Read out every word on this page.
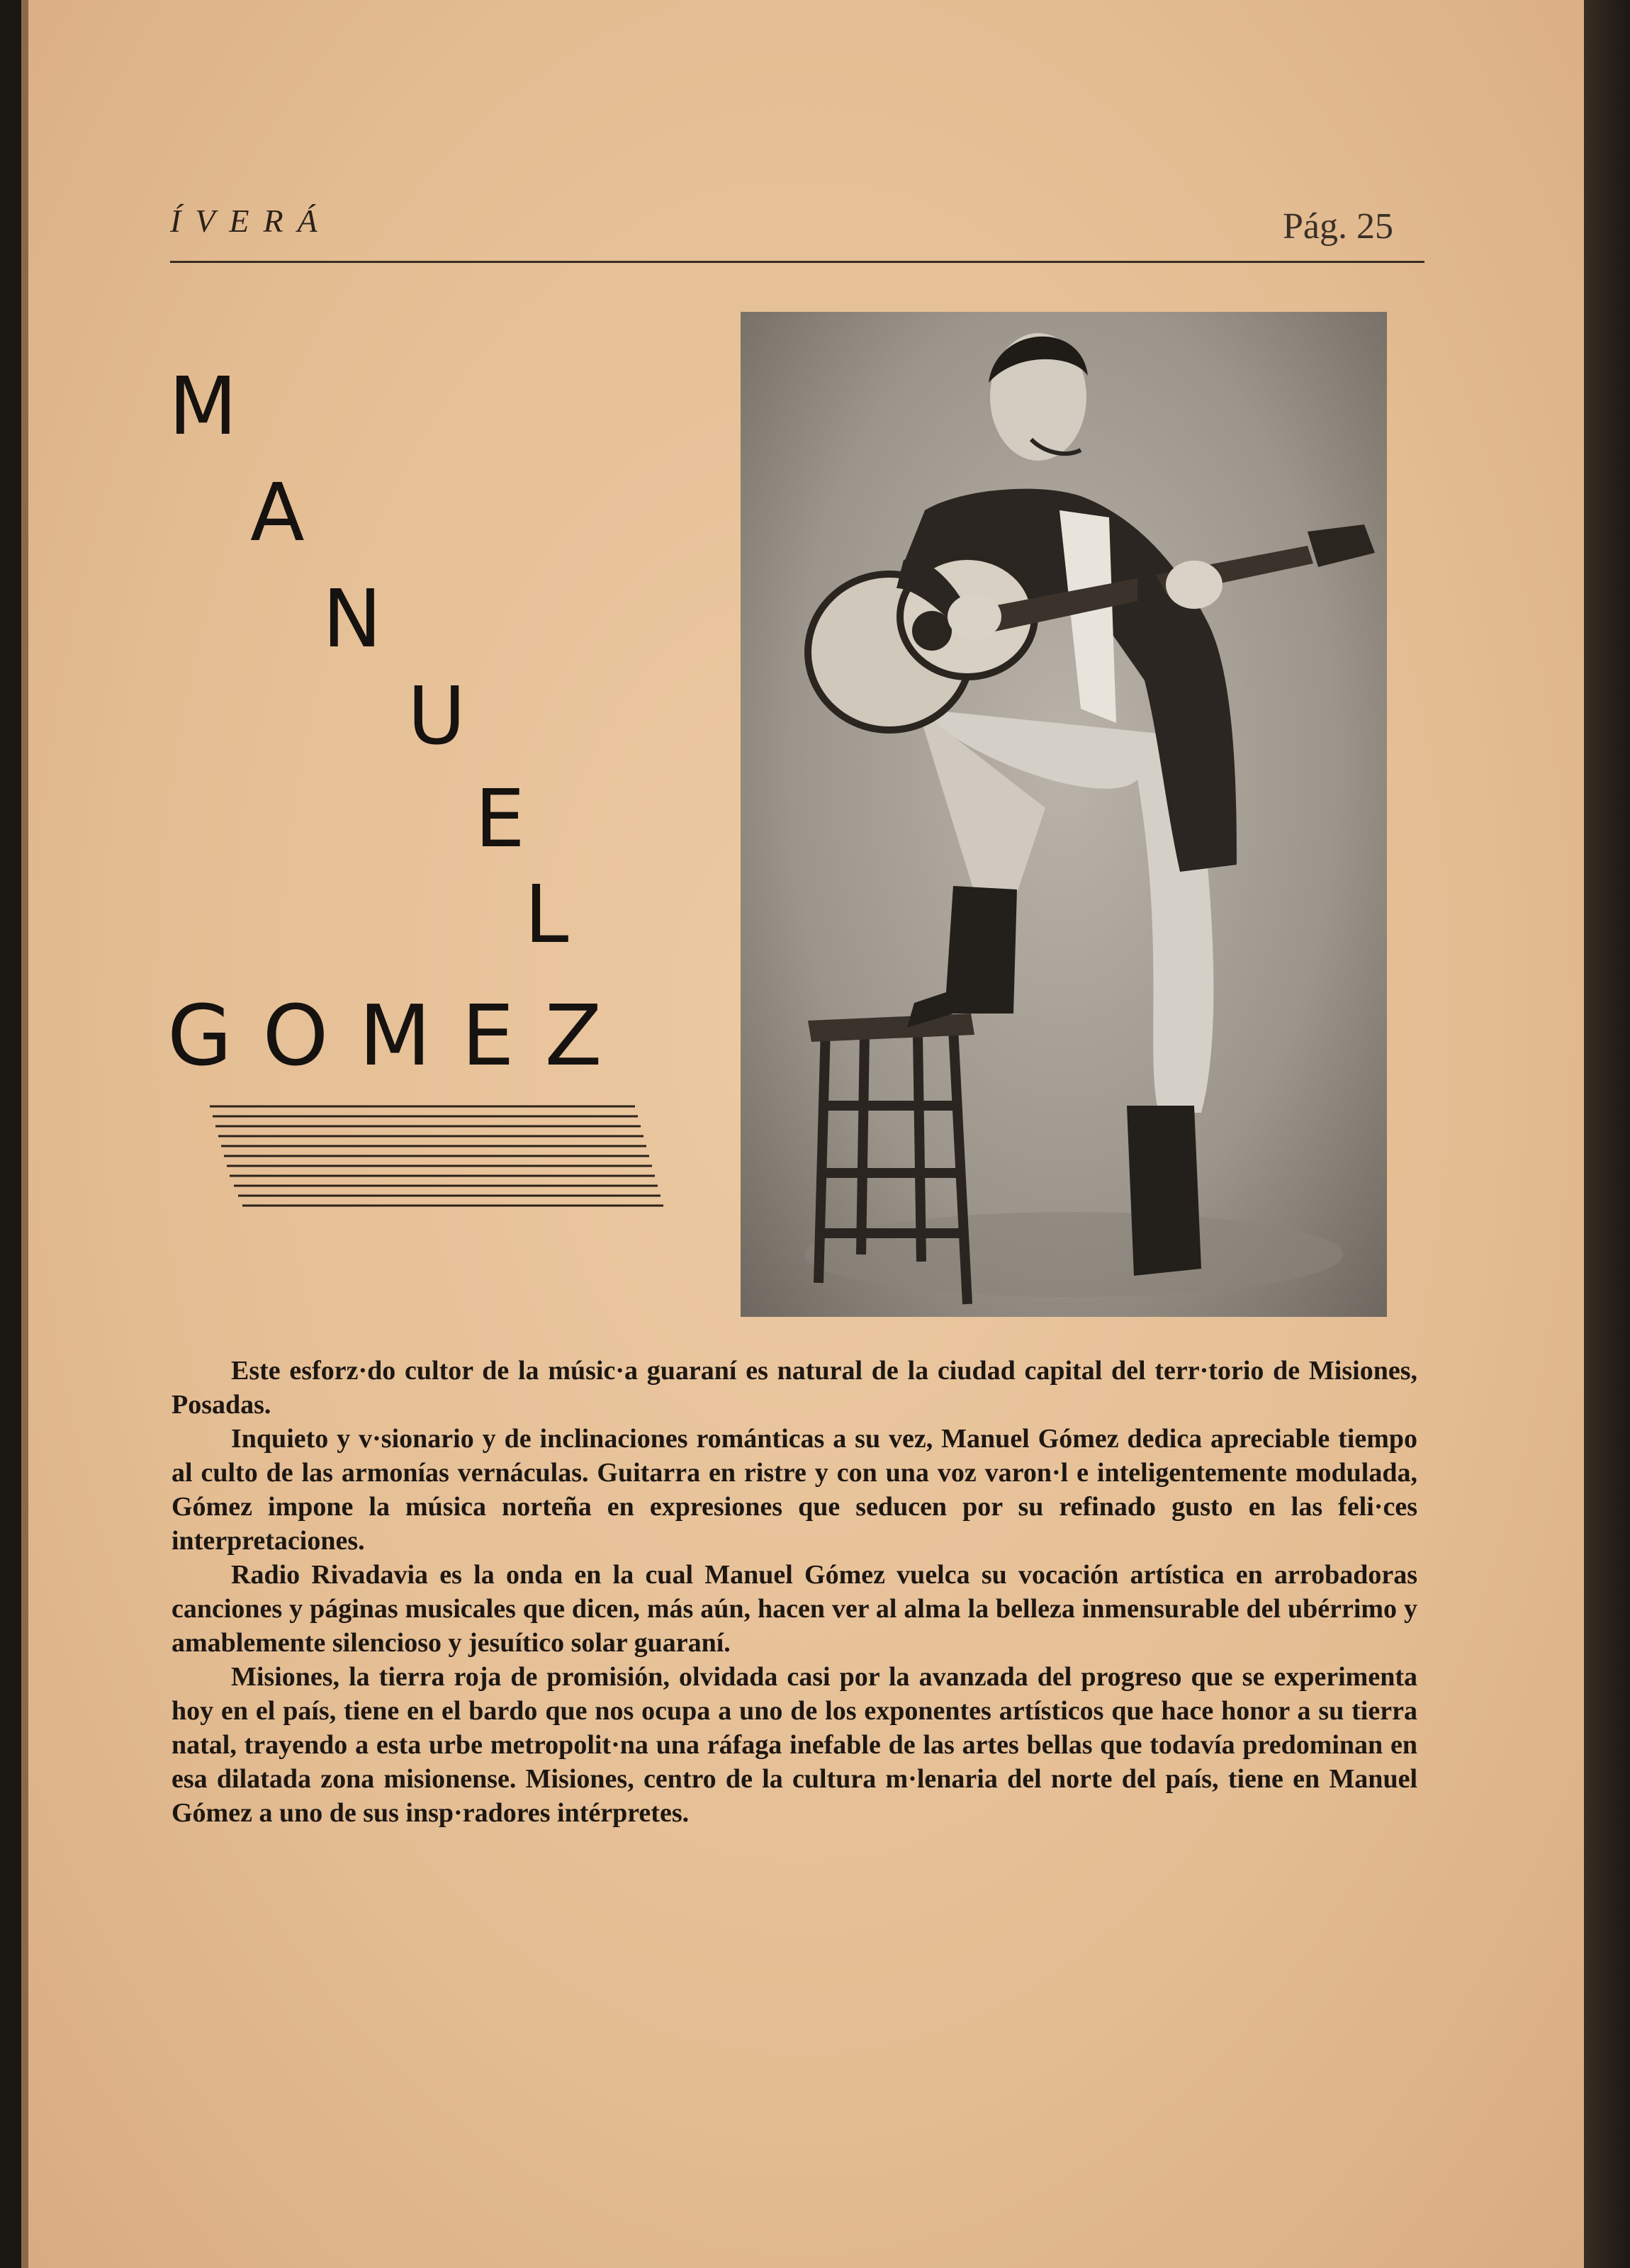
ÍVERÁ	Pág. 25
M
A
N
U
E
L
GOMEZ

Este esforz·do cultor de la músic·a guaraní es natural de la ciudad capital del terr·torio de Misiones, Posadas.

Inquieto y v·sionario y de inclinaciones románticas a su vez, Manuel Gómez dedica apreciable tiempo al culto de las armonías vernáculas. Guitarra en ristre y con una voz varon·l e inteligentemente modulada, Gómez impone la música norteña en expresiones que seducen por su refinado gusto en las feli·ces interpretaciones.

Radio Rivadavia es la onda en la cual Manuel Gómez vuelca su vocación artística en arrobadoras canciones y páginas musicales que dicen, más aún, hacen ver al alma la belleza inmensurable del ubérrimo y amablemente silencioso y jesuítico solar guaraní.

Misiones, la tierra roja de promisión, olvidada casi por la avanzada del progreso que se experimenta hoy en el país, tiene en el bardo que nos ocupa a uno de los exponentes artísticos que hace honor a su tierra natal, trayendo a esta urbe metropolit·na una ráfaga inefable de las artes bellas que todavía predominan en esa dilatada zona misionense. Misiones, centro de la cultura m·lenaria del norte del país, tiene en Manuel Gómez a uno de sus insp·radores intérpretes.
